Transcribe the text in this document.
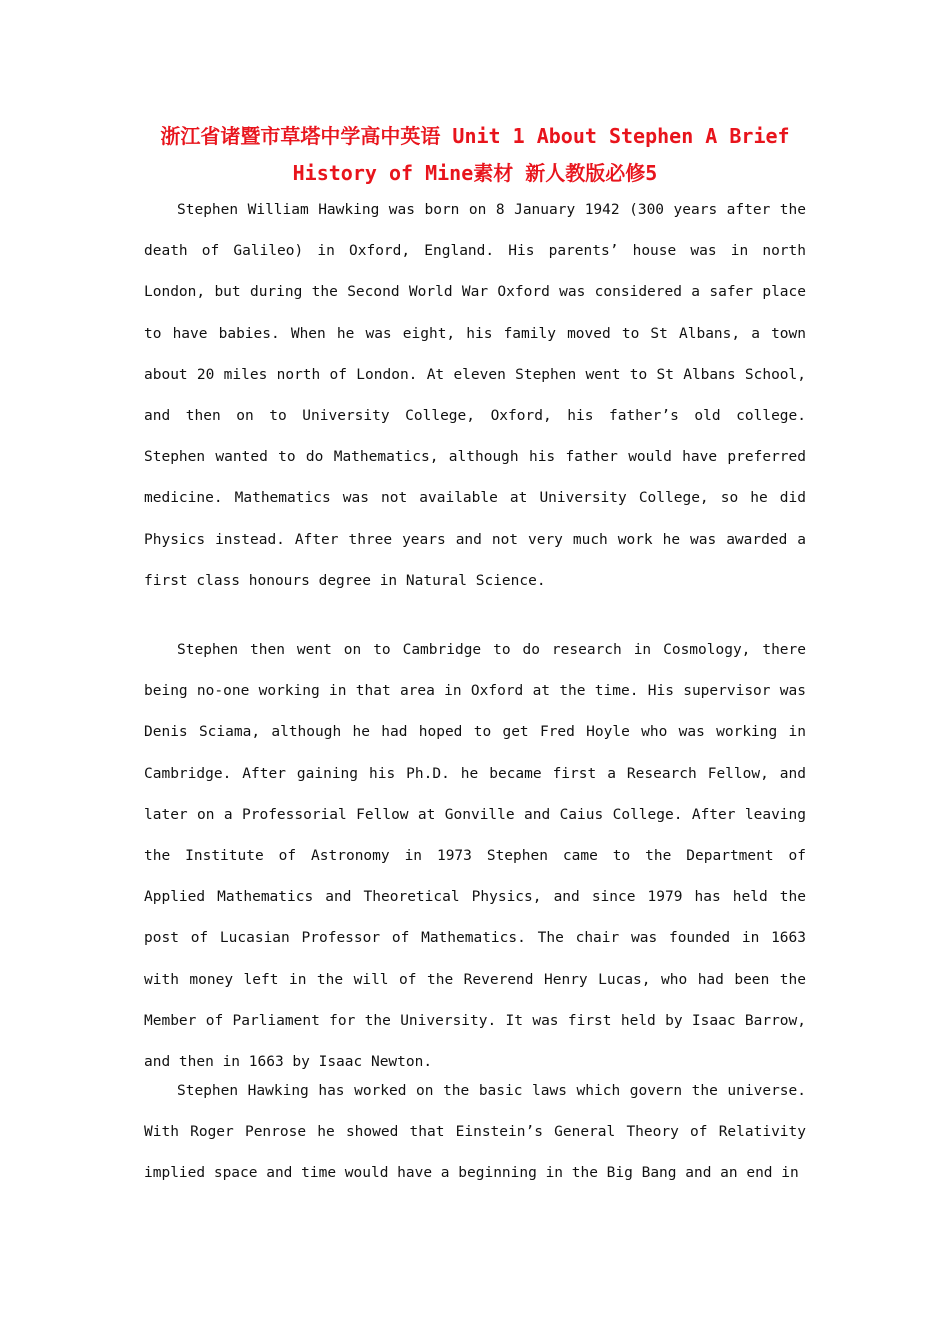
浙江省诸暨市草塔中学高中英语 Unit 1 About Stephen A Brief History of Mine素材 新人教版必修5

Stephen William Hawking was born on 8 January 1942 (300 years after the death of Galileo) in Oxford, England. His parents’ house was in north London, but during the Second World War Oxford was considered a safer place to have babies. When he was eight, his family moved to St Albans, a town about 20 miles north of London. At eleven Stephen went to St Albans School, and then on to University College, Oxford, his father’s old college. Stephen wanted to do Mathematics, although his father would have preferred medicine. Mathematics was not available at University College, so he did Physics instead. After three years and not very much work he was awarded a first class honours degree in Natural Science.

Stephen then went on to Cambridge to do research in Cosmology, there being no-one working in that area in Oxford at the time. His supervisor was Denis Sciama, although he had hoped to get Fred Hoyle who was working in Cambridge. After gaining his Ph.D. he became first a Research Fellow, and later on a Professorial Fellow at Gonville and Caius College. After leaving the Institute of Astronomy in 1973 Stephen came to the Department of Applied Mathematics and Theoretical Physics, and since 1979 has held the post of Lucasian Professor of Mathematics. The chair was founded in 1663 with money left in the will of the Reverend Henry Lucas, who had been the Member of Parliament for the University. It was first held by Isaac Barrow, and then in 1663 by Isaac Newton.

Stephen Hawking has worked on the basic laws which govern the universe. With Roger Penrose he showed that Einstein’s General Theory of Relativity implied space and time would have a beginning in the Big Bang and an end in
